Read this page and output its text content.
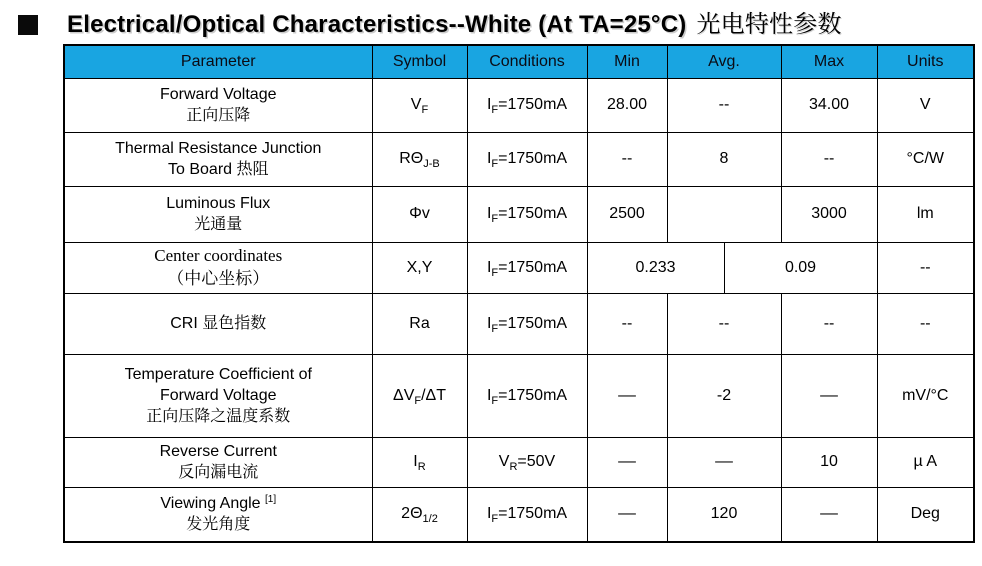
Electrical/Optical Characteristics--White (At TA=25°C) 光电特性参数
Parameter	Symbol	Conditions	Min	Avg.		Max	Units

Forward Voltage
正向压降	$V_F$	$I_F=1750mA$	28.00	--		34.00	V

Thermal Resistance Junction
To Board 热阻	$R\Theta_{J-B}$	$I_F=1750mA$	--	8		--	°C/W

Luminous Flux
光通量	Φv	$I_F=1750mA$	2500			3000	lm

Center coordinates
（中心坐标）	X,Y	$I_F=1750mA$	0.233		0.09		--

CRI 显色指数	Ra	$I_F=1750mA$	--	--		--	--

Temperature Coefficient of
Forward Voltage
正向压降之温度系数	$\Delta V_F/\Delta T$	$I_F=1750mA$	––	-2		––	mV/°C

Reverse Current
反向漏电流	$I_R$	$V_R=50V$	––	––		10	µ A

Viewing Angle [1]
发光角度	$2\Theta_{1/2}$	$I_F=1750mA$	––	120		––	Deg
